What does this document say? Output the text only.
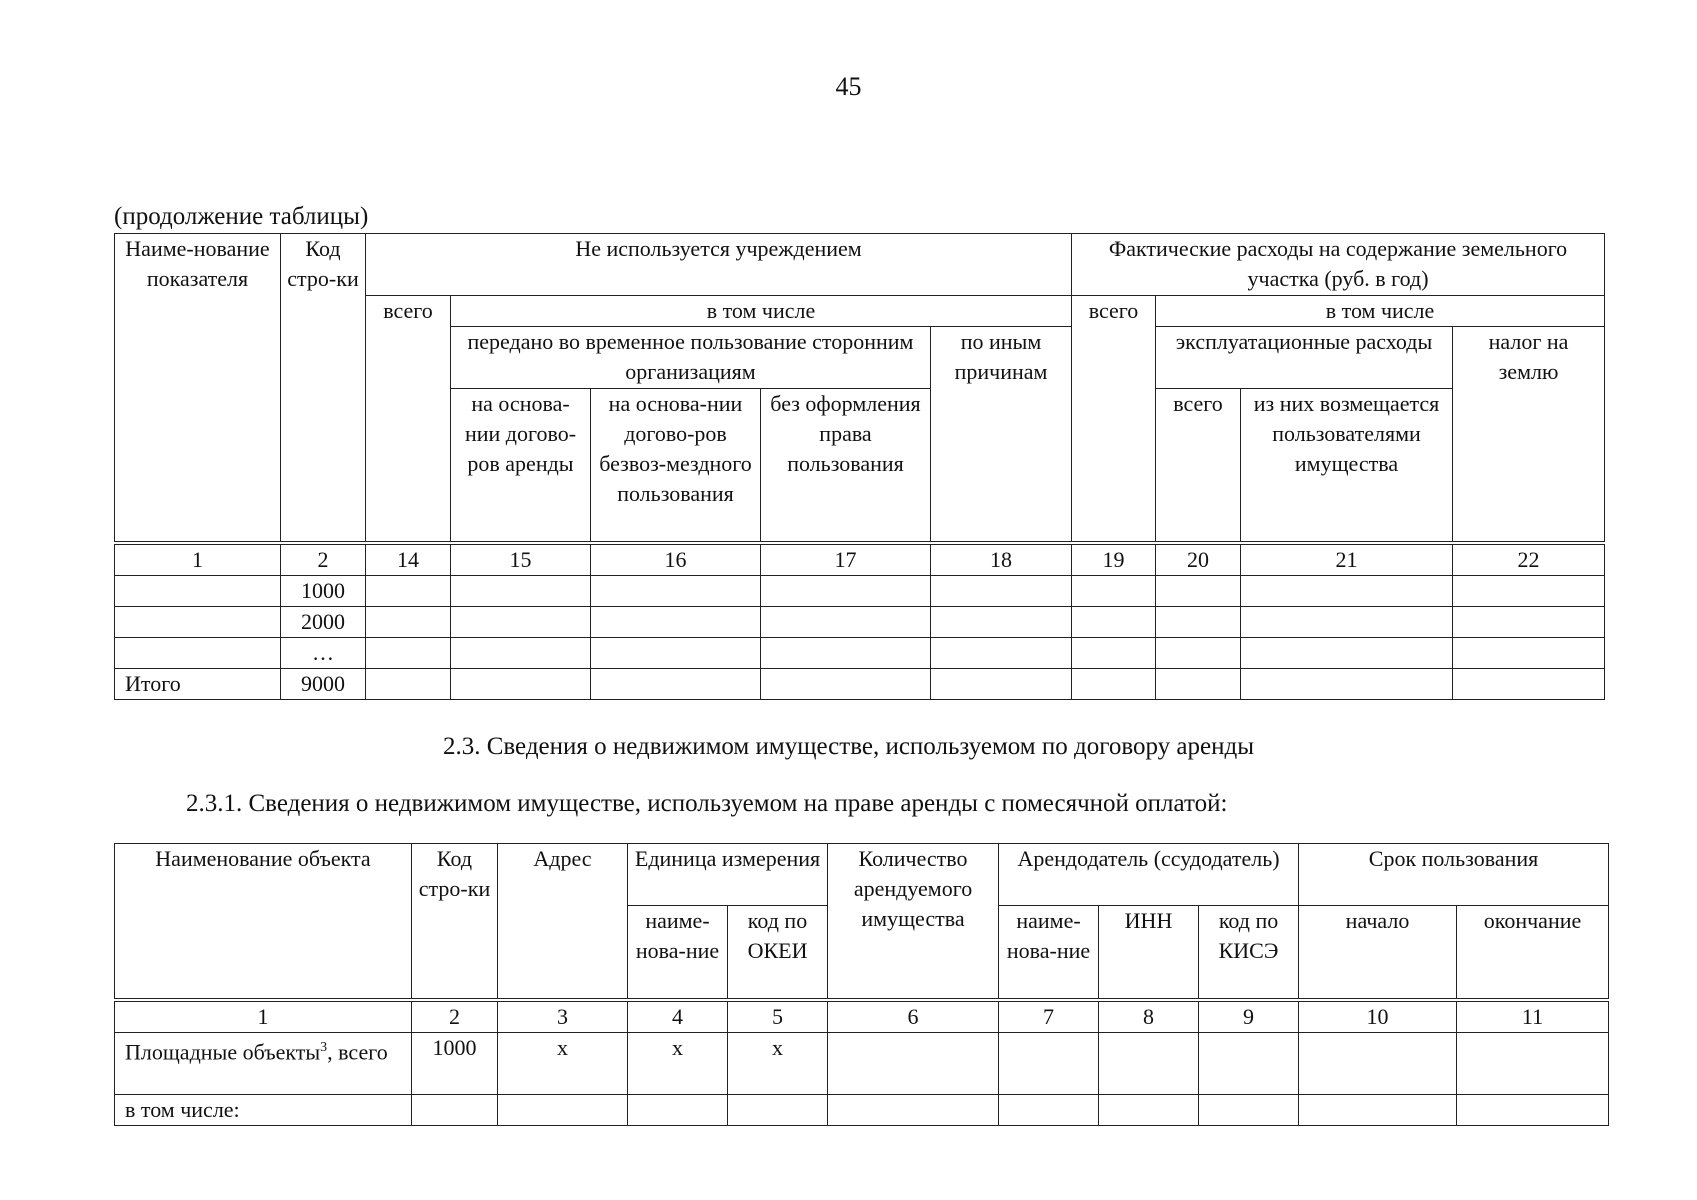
45
(продолжение таблицы)
Наиме-нование показателя	Код стро-ки	Не используется учреждением					Фактические расходы на содержание земельного участка (руб. в год)			
		всего	в том числе				всего	в том числе		
			передано во временное пользование сторонним организациям			по иным причинам		эксплуатационные расходы		налог на землю
			на основа-нии догово-ров аренды	на основа-нии догово-ров безвоз-мездного пользования	без оформления права пользования			всего	из них возмещается пользователями имущества	
1	2	14	15	16	17	18	19	20	21	22
	1000									
	2000									
	…									
Итого	9000									
2.3. Сведения о недвижимом имуществе, используемом по договору аренды
2.3.1. Сведения о недвижимом имуществе, используемом на праве аренды с помесячной оплатой:
Наименование объекта	Код стро-ки	Адрес	Единица измерения		Количество арендуемого имущества	Арендодатель (ссудодатель)			Срок пользования	
			наиме-нова-ние	код по ОКЕИ		наиме-нова-ние	ИНН	код по КИСЭ	начало	окончание
1	2	3	4	5	6	7	8	9	10	11
Площадные объекты$^3$, всего	1000	х	х	х						
в том числе:										
